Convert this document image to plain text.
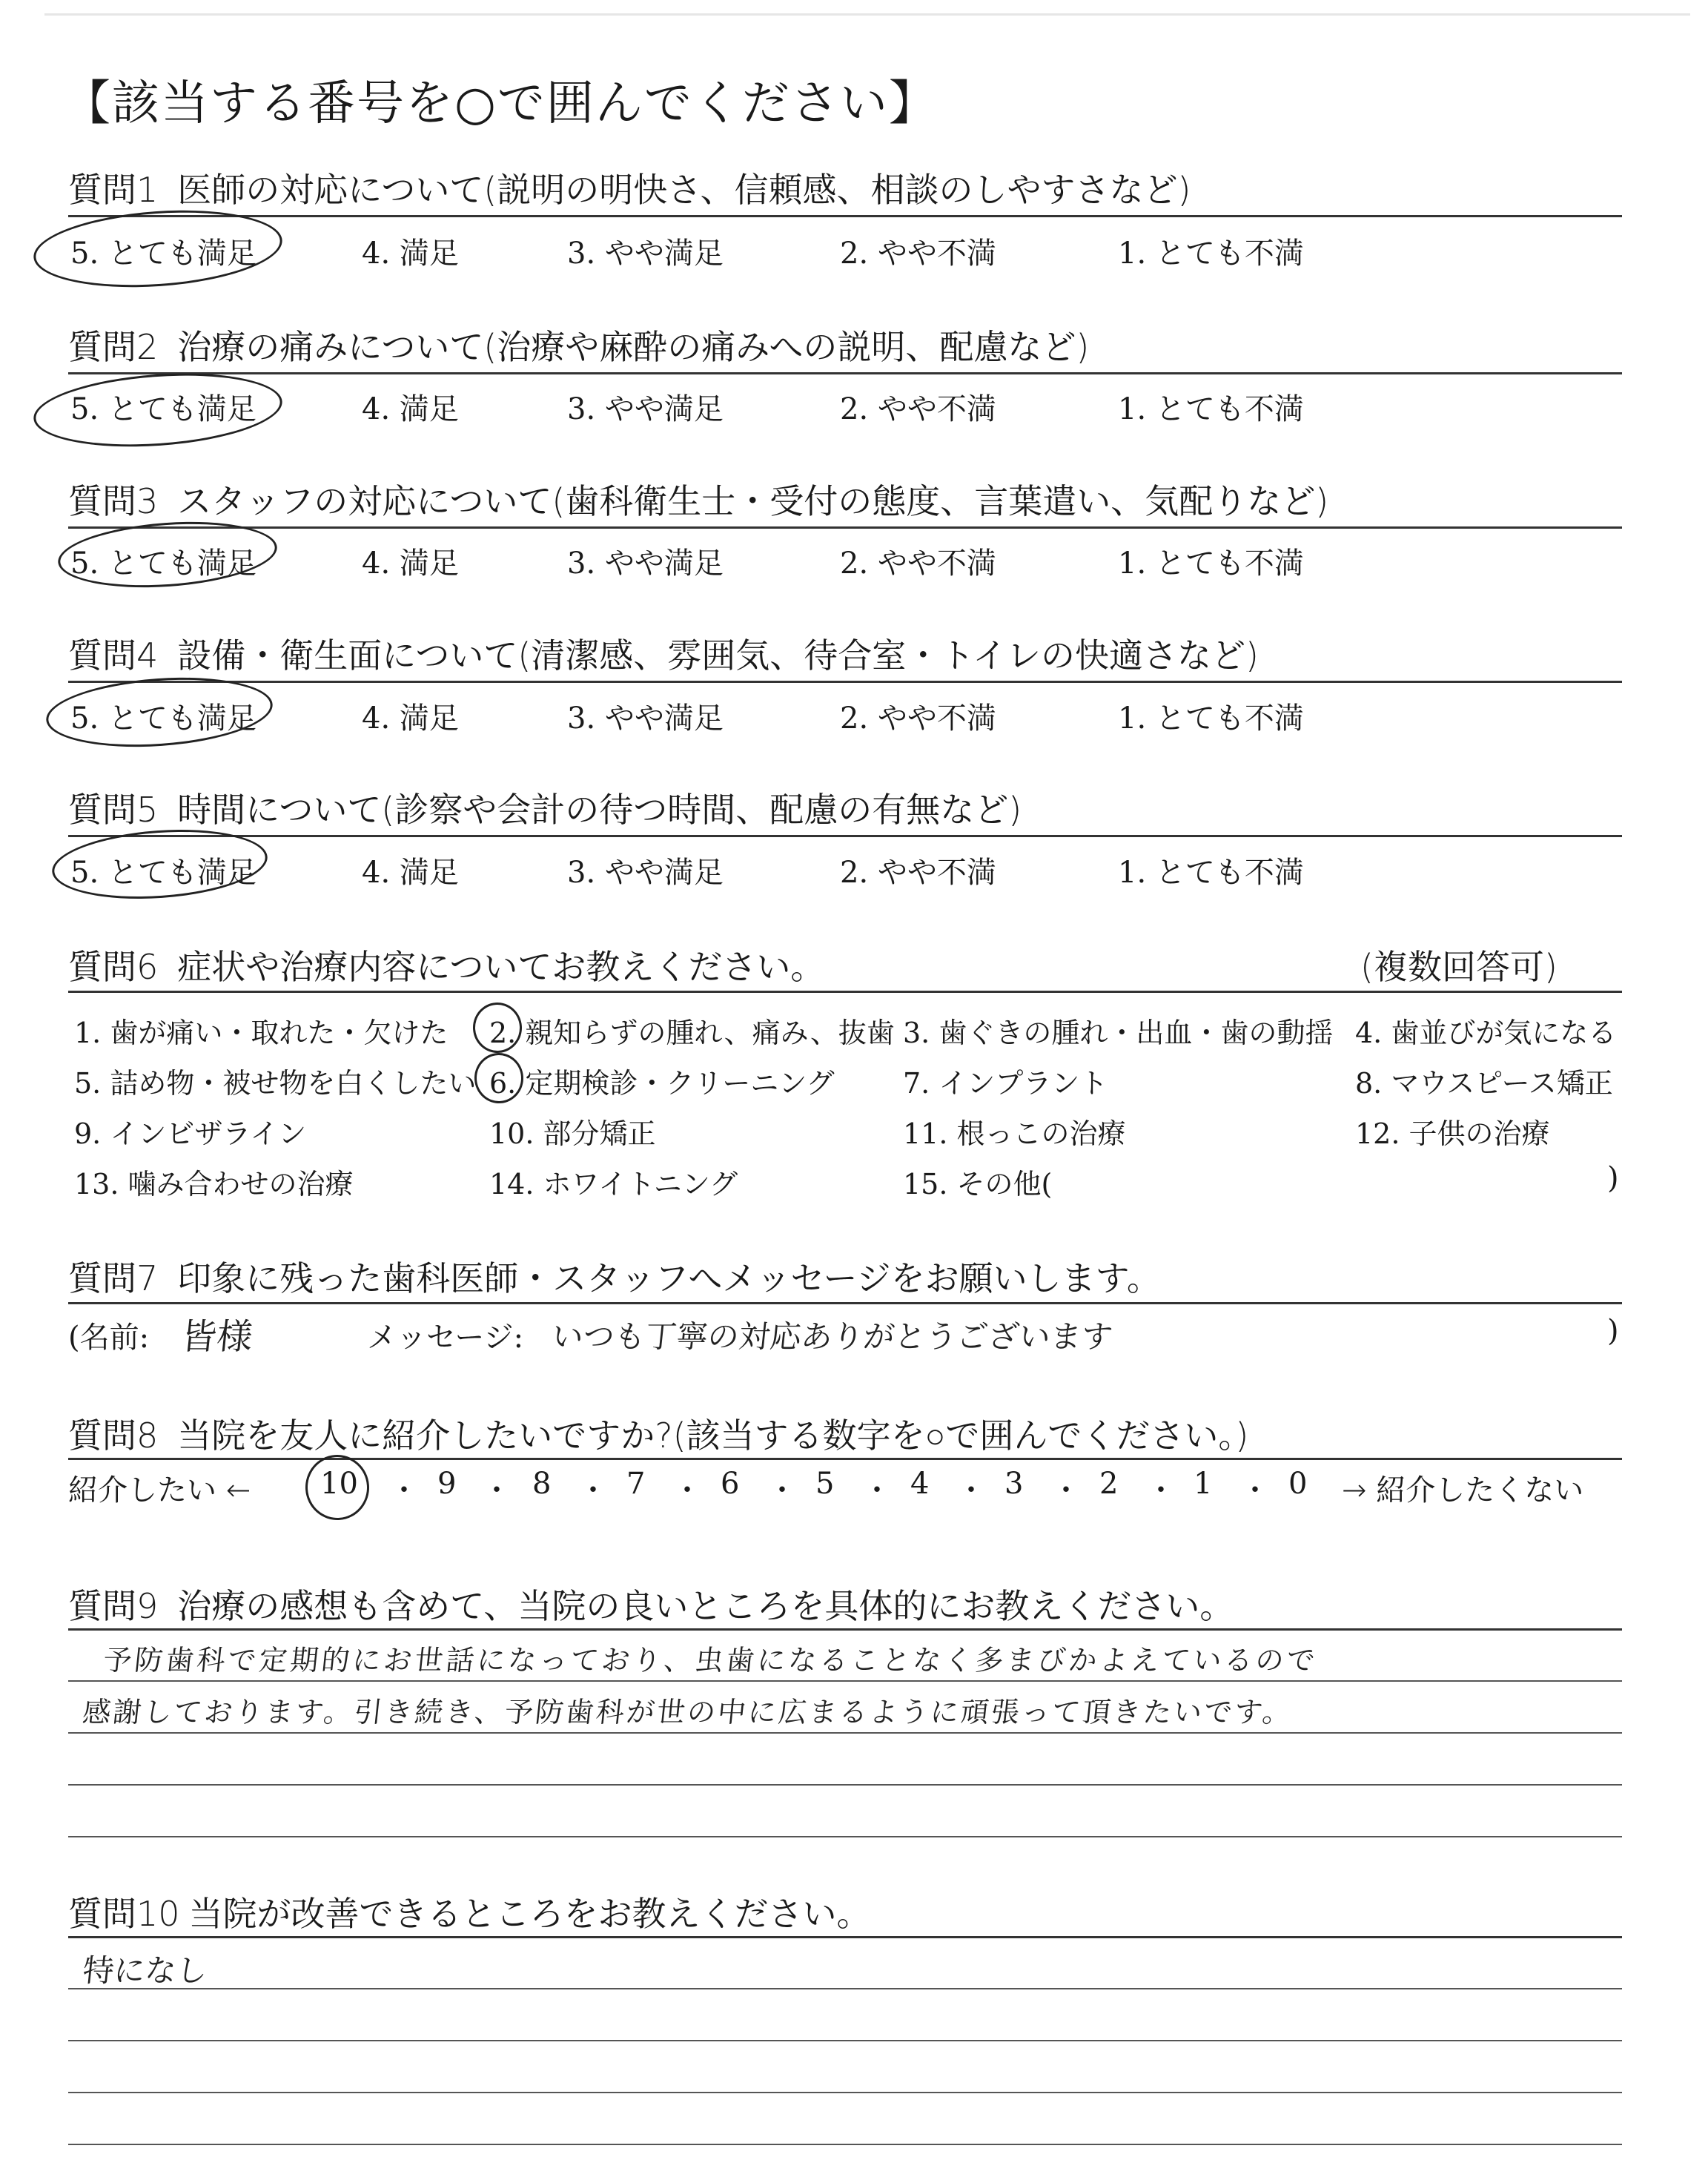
【該当する番号を○で囲んでください】
質問1 医師の対応について(説明の明快さ、信頼感、相談のしやすさなど)
5. とても満足	4. 満足	3. やや満足	2. やや不満	1. とても不満
質問2 治療の痛みについて(治療や麻酔の痛みへの説明、配慮など)
5. とても満足	4. 満足	3. やや満足	2. やや不満	1. とても不満
質問3 スタッフの対応について(歯科衛生士・受付の態度、言葉遣い、気配りなど)
5. とても満足	4. 満足	3. やや満足	2. やや不満	1. とても不満
質問4 設備・衛生面について(清潔感、雰囲気、待合室・トイレの快適さなど)
5. とても満足	4. 満足	3. やや満足	2. やや不満	1. とても不満
質問5 時間について(診察や会計の待つ時間、配慮の有無など)
5. とても満足	4. 満足	3. やや満足	2. やや不満	1. とても不満
質問6 症状や治療内容についてお教えください。	(複数回答可)
1. 歯が痛い・取れた・欠けた 2. 親知らずの腫れ、痛み、抜歯 3. 歯ぐきの腫れ・出血・歯の動揺 4. 歯並びが気になる
5. 詰め物・被せ物を白くしたい 6. 定期検診・クリーニング 7. インプラント	8. マウスピース矯正
9. インビザライン	10. 部分矯正	11. 根っこの治療	12. 子供の治療
13. 噛み合わせの治療	14. ホワイトニング	15. その他(	)
質問7 印象に残った歯科医師・スタッフへメッセージをお願いします。
(名前: 皆様	メッセージ: いつも丁寧の対応ありがとうございます	)
質問8 当院を友人に紹介したいですか?(該当する数字を○で囲んでください。)
紹介したい ← 10 ・ 9 ・ 8 ・ 7 ・ 6 ・ 5 ・ 4 ・ 3 ・ 2 ・ 1 ・ 0 → 紹介したくない
質問9 治療の感想も含めて、当院の良いところを具体的にお教えください。
予防歯科で定期的にお世話になっており、虫歯になることなく多まびかよえているので
感謝しております。引き続き、予防歯科が世の中に広まるように頑張って頂きたいです。
質問10 当院が改善できるところをお教えください。
特になし
